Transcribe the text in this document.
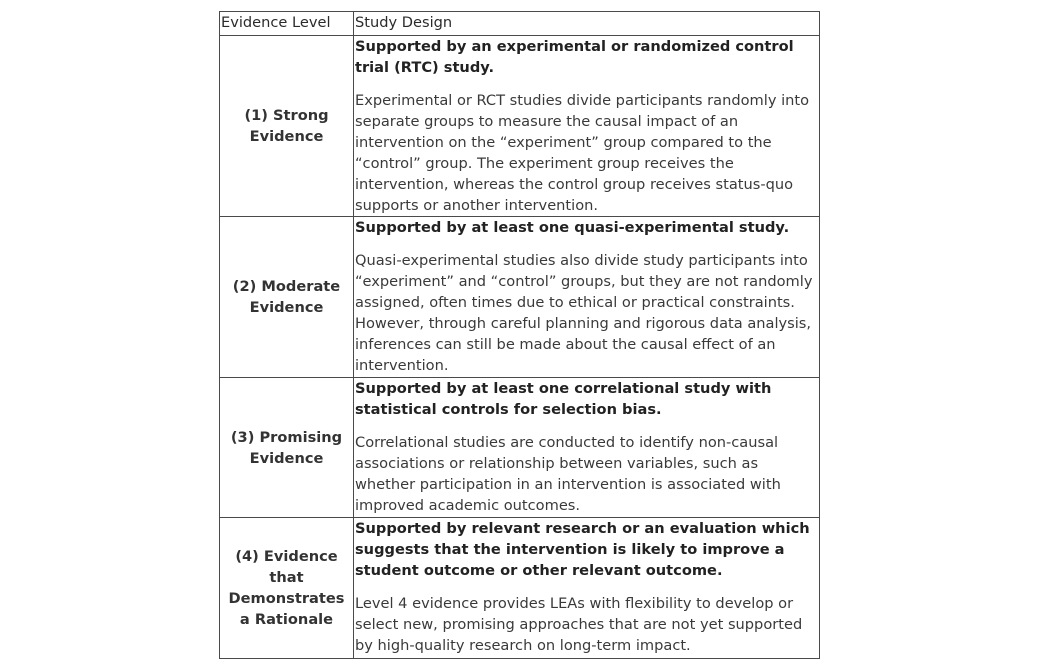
Evidence Level	Study Design
(1) Strong Evidence	Supported by an experimental or randomized control trial (RTC) study.

Experimental or RCT studies divide participants randomly into separate groups to measure the causal impact of an intervention on the “experiment” group compared to the “control” group. The experiment group receives the intervention, whereas the control group receives status-quo supports or another intervention.

(2) Moderate Evidence	Supported by at least one quasi-experimental study.

Quasi-experimental studies also divide study participants into “experiment” and “control” groups, but they are not randomly assigned, often times due to ethical or practical constraints. However, through careful planning and rigorous data analysis, inferences can still be made about the causal effect of an intervention.

(3) Promising Evidence	Supported by at least one correlational study with statistical controls for selection bias.

Correlational studies are conducted to identify non-causal associations or relationship between variables, such as whether participation in an intervention is associated with improved academic outcomes.

(4) Evidence that Demonstrates a Rationale	Supported by relevant research or an evaluation which suggests that the intervention is likely to improve a student outcome or other relevant outcome.

Level 4 evidence provides LEAs with flexibility to develop or select new, promising approaches that are not yet supported by high-quality research on long-term impact.
